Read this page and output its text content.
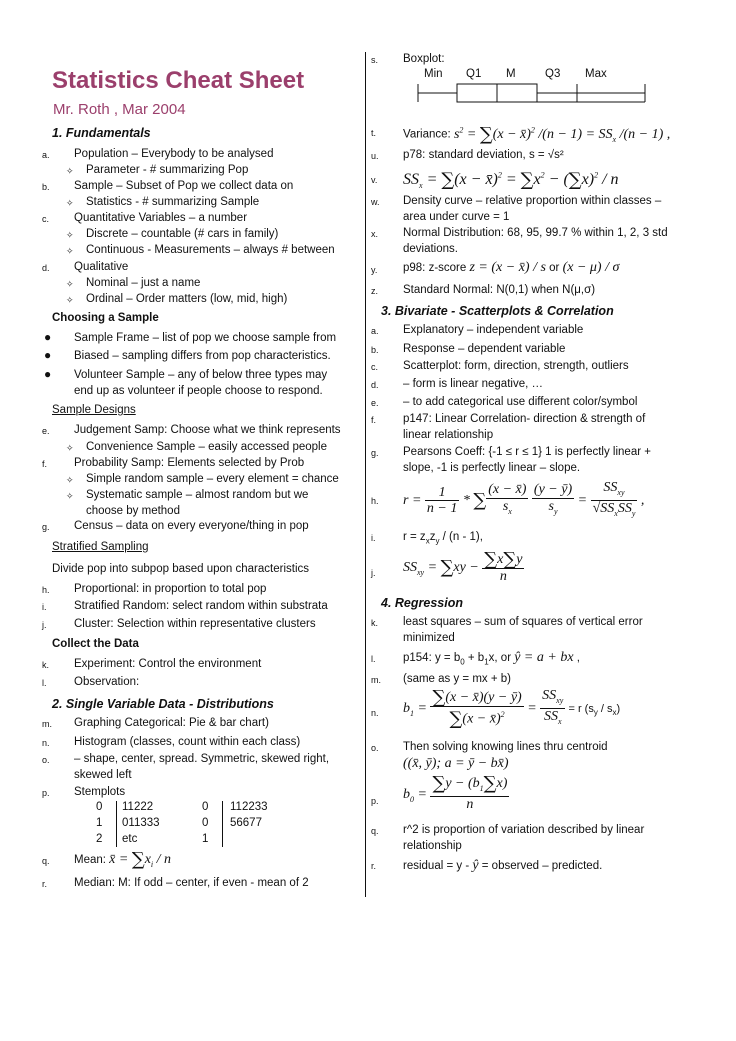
Statistics Cheat Sheet
Mr. Roth , Mar 2004
1. Fundamentals
a.	Population – Everybody to be analysed
✧ Parameter - # summarizing Pop
b.	Sample – Subset of Pop we collect data on
✧ Statistics - # summarizing Sample
c.	Quantitative Variables – a number
✧ Discrete – countable (# cars in family)
✧ Continuous - Measurements – always # between
d.	Qualitative
✧ Nominal – just a name
✧ Ordinal – Order matters (low, mid, high)
Choosing a Sample
● Sample Frame – list of pop we choose sample from
● Biased – sampling differs from pop characteristics.
● Volunteer Sample – any of below three types may
end up as volunteer if people choose to respond.
Sample Designs
e.	Judgement Samp: Choose what we think represents
✧ Convenience Sample – easily accessed people
f.	Probability Samp: Elements selected by Prob
✧ Simple random sample – every element = chance
✧ Systematic sample – almost random but we
choose by method
g.	Census – data on every everyone/thing in pop
Stratified Sampling
Divide pop into subpop based upon characteristics
h.	Proportional: in proportion to total pop
i.	Stratified Random: select random within substrata
j.	Cluster: Selection within representative clusters
Collect the Data
k.	Experiment: Control the environment
l.	Observation:
2. Single Variable Data - Distributions
m.	Graphing Categorical: Pie & bar chart)
n.	Histogram (classes, count within each class)
o.	– shape, center, spread. Symmetric, skewed right,
skewed left
p.	Stemplots
0 11222	0 112233
1 011333	0 56677
2 etc	1
q.	Mean: x̄ = $\sum x_i$ / n
r.	Median: M: If odd – center, if even - mean of 2
s.	Boxplot:
Min Q1 M	Q3 Max
t.	Variance: $s^2 = \sum(x$ − x̄)$^2$ $/(n - 1) = SS_x$ /(n − 1) ,
u.	p78: standard deviation, s = √s²
v.	$SS_x = \sum(x$ − x̄)$^2$ = $\sum x^2 - (\sum x)^2 / n$
w.	Density curve – relative proportion within classes –
area under curve = 1
x.	Normal Distribution: 68, 95, 99.7 % within 1, 2, 3 std
deviations.
y.	p98: z-score z = (x − x̄) / s or (x − μ) / σ
z.	Standard Normal: N(0,1) when N(μ,σ)
3. Bivariate - Scatterplots & Correlation
a.	Explanatory – independent variable
b.	Response – dependent variable
c.	Scatterplot: form, direction, strength, outliers
d.	– form is linear negative, …
e.	– to add categorical use different color/symbol
f.	p147: Linear Correlation- direction & strength of
linear relationship
g.	Pearsons Coeff: {-1 ≤ r ≤ 1} 1 is perfectly linear +
slope, -1 is perfectly linear – slope.
h.	$r = \frac{1}{n - 1}$ * ∑ $\frac{(x - x̄)}{s_x}$
$\frac{(y - ȳ)}{s_y} = \frac{SS_{xy}}{√SS_xSS_y}$ ,
i.	$r = z_xz_y / (n - 1)$,
j.	$SS_{xy} = \sum xy - \frac{\sum x\sum y}{n}$
4. Regression
k.	least squares – sum of squares of vertical error
minimized
l.	p154: $y = b_0 + b_1x$, or ŷ = a + bx ,
m.	(same as y = mx + b)
n.	$b_1 = \frac{\sum(x - x̄)(y - ȳ)}{\sum(x - x̄)^2} = \frac{SS_{xy}}{SS_x} = r$ $(s_y / s_x)$
o.	Then solving knowing lines thru centroid
((x̄, ȳ); a = ȳ − bx̄)
p.	$b_0 = \frac{\sum y - (b_1\sum x)}{n}$
q.	r^2 is proportion of variation described by linear
relationship
r.	residual = y - ŷ = observed – predicted.
